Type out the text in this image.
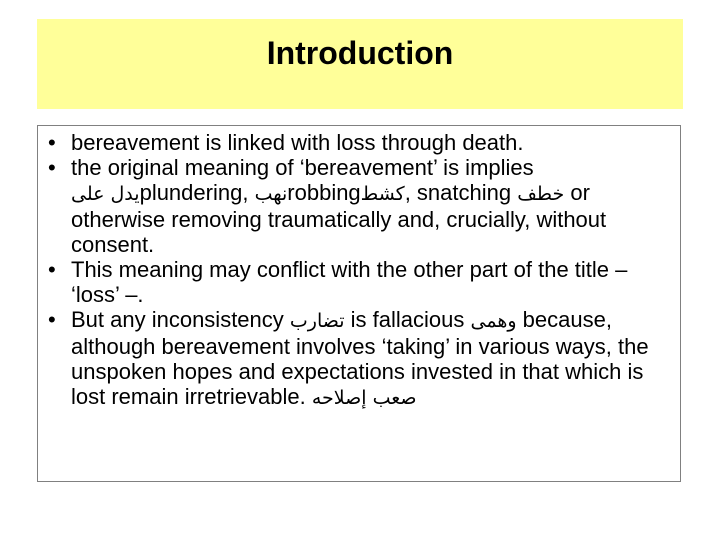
Introduction
• bereavement is linked with loss through death.
• the original meaning of ‘bereavement’ is implies
يدل علىplundering, نهبrobbingكشط, snatching خطف or otherwise removing traumatically and, crucially, without consent.
• This meaning may conflict with the other part of the title – ‘loss’ –.
• But any inconsistency تضارب is fallacious وهمى because, although bereavement involves ‘taking’ in various ways, the unspoken hopes and expectations invested in that which is lost remain irretrievable. صعب إصلاحه
